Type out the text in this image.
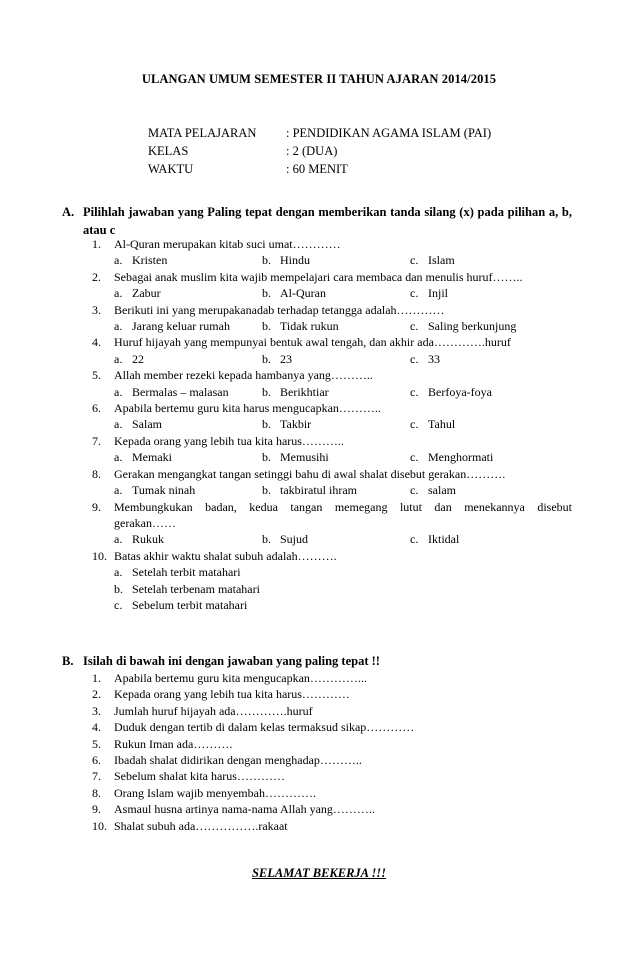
ULANGAN UMUM SEMESTER II TAHUN AJARAN 2014/2015
MATA PELAJARAN	: PENDIDIKAN AGAMA ISLAM (PAI)
KELAS	: 2 (DUA)
WAKTU	: 60 MENIT
A. Pilihlah jawaban yang Paling tepat dengan memberikan tanda silang (x) pada pilihan a, b, atau c
1. Al-Quran merupakan kitab suci umat…………
a. Kristen	b. Hindu	c. Islam
2. Sebagai anak muslim kita wajib mempelajari cara membaca dan menulis huruf……..
a. Zabur	b. Al-Quran	c. Injil
3. Berikuti ini yang merupakanadab terhadap tetangga adalah…………
a. Jarang keluar rumah	b. Tidak rukun	c. Saling berkunjung
4. Huruf hijayah yang mempunyai bentuk awal tengah, dan akhir ada………….huruf
a. 22	b. 23	c. 33
5. Allah member rezeki kepada hambanya yang………..
a. Bermalas – malasan	b. Berikhtiar	c. Berfoya-foya
6. Apabila bertemu guru kita harus mengucapkan………..
a. Salam	b. Takbir	c. Tahul
7. Kepada orang yang lebih tua kita harus………..
a. Memaki	b. Memusihi	c. Menghormati
8. Gerakan mengangkat tangan setinggi bahu di awal shalat disebut gerakan……….
a. Tumak ninah	b. takbiratul ihram	c. salam
9. Membungkukan badan, kedua tangan memegang lutut dan menekannya disebut
gerakan……
a. Rukuk	b. Sujud	c. Iktidal
10. Batas akhir waktu shalat subuh adalah……….
a. Setelah terbit matahari
b. Setelah terbenam matahari
c. Sebelum terbit matahari
B. Isilah di bawah ini dengan jawaban yang paling tepat !!
1. Apabila bertemu guru kita mengucapkan…………...
2. Kepada orang yang lebih tua kita harus…………
3. Jumlah huruf hijayah ada………….huruf
4. Duduk dengan tertib di dalam kelas termaksud sikap…………
5. Rukun Iman ada……….
6. Ibadah shalat didirikan dengan menghadap………..
7. Sebelum shalat kita harus…………
8. Orang Islam wajib menyembah………….
9. Asmaul husna artinya nama-nama Allah yang………..
10. Shalat subuh ada…………….rakaat
SELAMAT BEKERJA !!!
